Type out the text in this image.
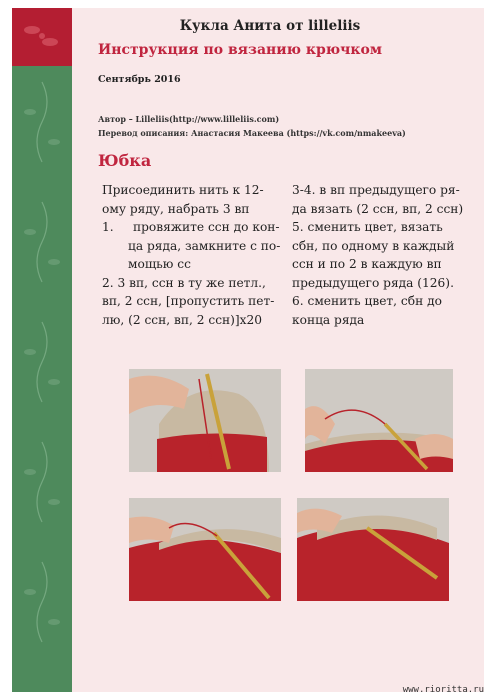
Кукла Анита от lilleliis
Инструкция по вязанию крючком
Сентябрь 2016
Автор – Lilleliis(http://www.lilleliis.com)
Перевод описания: Анастасия Макеева (https://vk.com/nmakeeva)
Юбка

Присоединить нить к 12-

ому ряду, набрать 3 вп

1.     провяжите ссн до кон-

ца ряда, замкните с по-

мощью сс

2. 3 вп, ссн в ту же петл.,

вп, 2 ссн, [пропустить пет-

лю, (2 ссн, вп, 2 ссн)]х20

3-4. в вп предыдущего ря-

да вязать (2 ссн, вп, 2 ссн)

5. сменить цвет, вязать

сбн, по одному в каждый

ссн и по 2 в каждую вп

предыдущего ряда (126).

6. сменить цвет, сбн до

конца ряда

www.rioritta.ru
